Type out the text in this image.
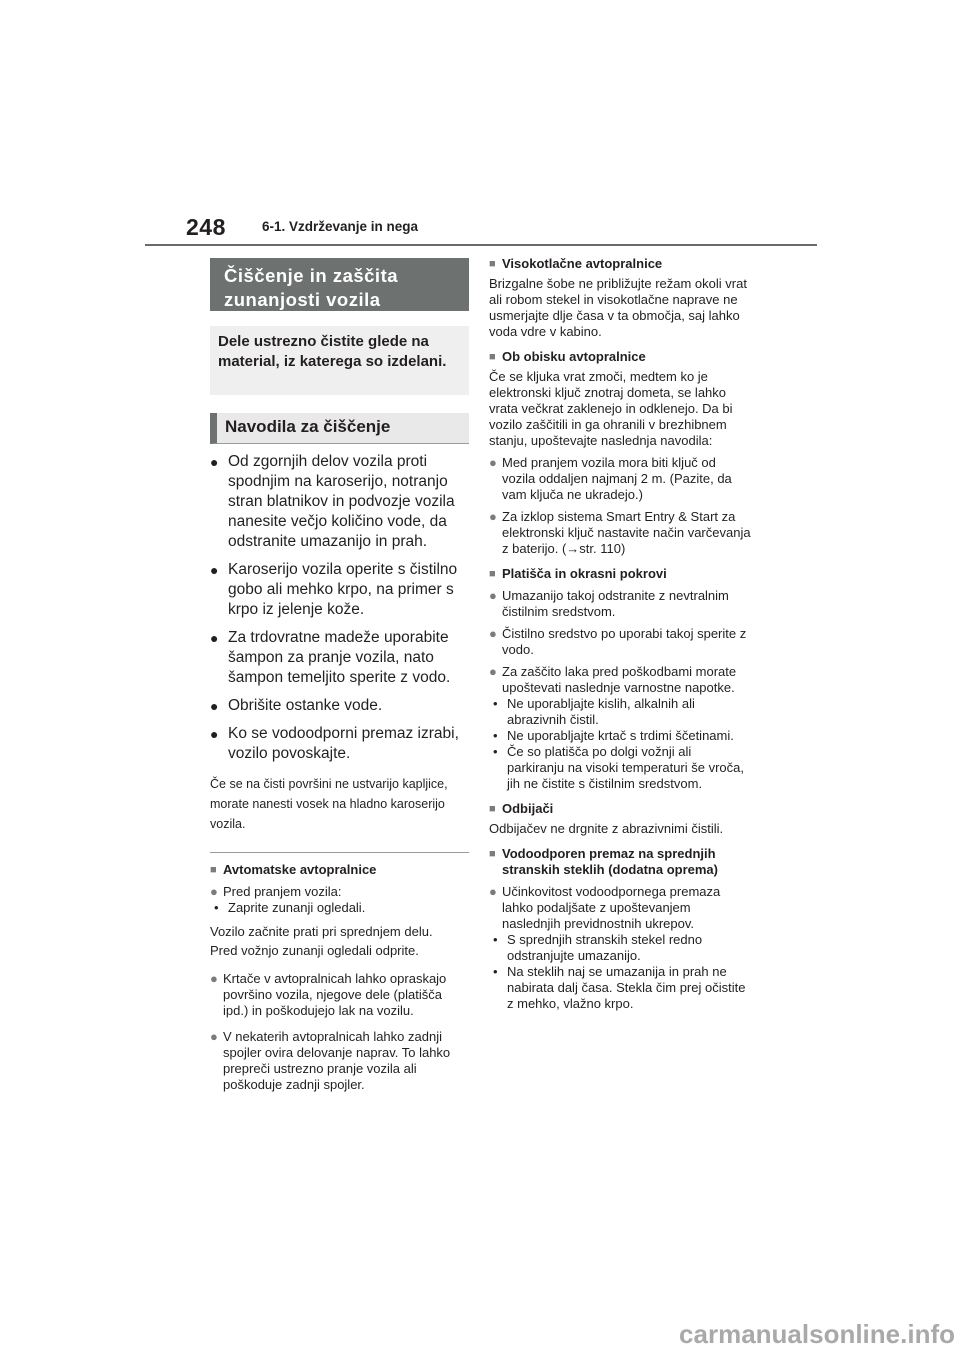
248	6-1. Vzdrževanje in nega
Čiščenje in zaščita zunanjosti vozila
Dele ustrezno čistite glede na material, iz katerega so izdelani.
Navodila za čiščenje
● Od zgornjih delov vozila proti spodnjim na karoserijo, notranjo stran blatnikov in podvozje vozila nanesite večjo količino vode, da odstranite umazanijo in prah.
● Karoserijo vozila operite s čistilno gobo ali mehko krpo, na primer s krpo iz jelenje kože.
● Za trdovratne madeže uporabite šampon za pranje vozila, nato šampon temeljito sperite z vodo.
● Obrišite ostanke vode.
● Ko se vodoodporni premaz izrabi, vozilo povoskajte.
Če se na čisti površini ne ustvarijo kapljice, morate nanesti vosek na hladno karoserijo vozila.
■ Avtomatske avtopralnice
● Pred pranjem vozila:
• Zaprite zunanji ogledali.
Vozilo začnite prati pri sprednjem delu.
Pred vožnjo zunanji ogledali odprite.
● Krtače v avtopralnicah lahko opraskajo površino vozila, njegove dele (platišča ipd.) in poškodujejo lak na vozilu.
● V nekaterih avtopralnicah lahko zadnji spojler ovira delovanje naprav. To lahko prepreči ustrezno pranje vozila ali poškoduje zadnji spojler.
■ Visokotlačne avtopralnice
Brizgalne šobe ne približujte režam okoli vrat ali robom stekel in visokotlačne naprave ne usmerjajte dlje časa v ta območja, saj lahko voda vdre v kabino.
■ Ob obisku avtopralnice
Če se kljuka vrat zmoči, medtem ko je elektronski ključ znotraj dometa, se lahko vrata večkrat zaklenejo in odklenejo. Da bi vozilo zaščitili in ga ohranili v brezhibnem stanju, upoštevajte naslednja navodila:
● Med pranjem vozila mora biti ključ od vozila oddaljen najmanj 2 m. (Pazite, da vam ključa ne ukradejo.)
● Za izklop sistema Smart Entry & Start za elektronski ključ nastavite način varčevanja z baterijo. (→str. 110)
■ Platišča in okrasni pokrovi
● Umazanijo takoj odstranite z nevtralnim čistilnim sredstvom.
● Čistilno sredstvo po uporabi takoj sperite z vodo.
● Za zaščito laka pred poškodbami morate upoštevati naslednje varnostne napotke.
• Ne uporabljajte kislih, alkalnih ali abrazivnih čistil.
• Ne uporabljajte krtač s trdimi ščetinami.
• Če so platišča po dolgi vožnji ali parkiranju na visoki temperaturi še vroča, jih ne čistite s čistilnim sredstvom.
■ Odbijači
Odbijačev ne drgnite z abrazivnimi čistili.
■ Vodoodporen premaz na sprednjih stranskih steklih (dodatna oprema)
● Učinkovitost vodoodpornega premaza lahko podaljšate z upoštevanjem naslednjih previdnostnih ukrepov.
• S sprednjih stranskih stekel redno odstranjujte umazanijo.
• Na steklih naj se umazanija in prah ne nabirata dalj časa. Stekla čim prej očistite z mehko, vlažno krpo.
carmanualsonline.info
